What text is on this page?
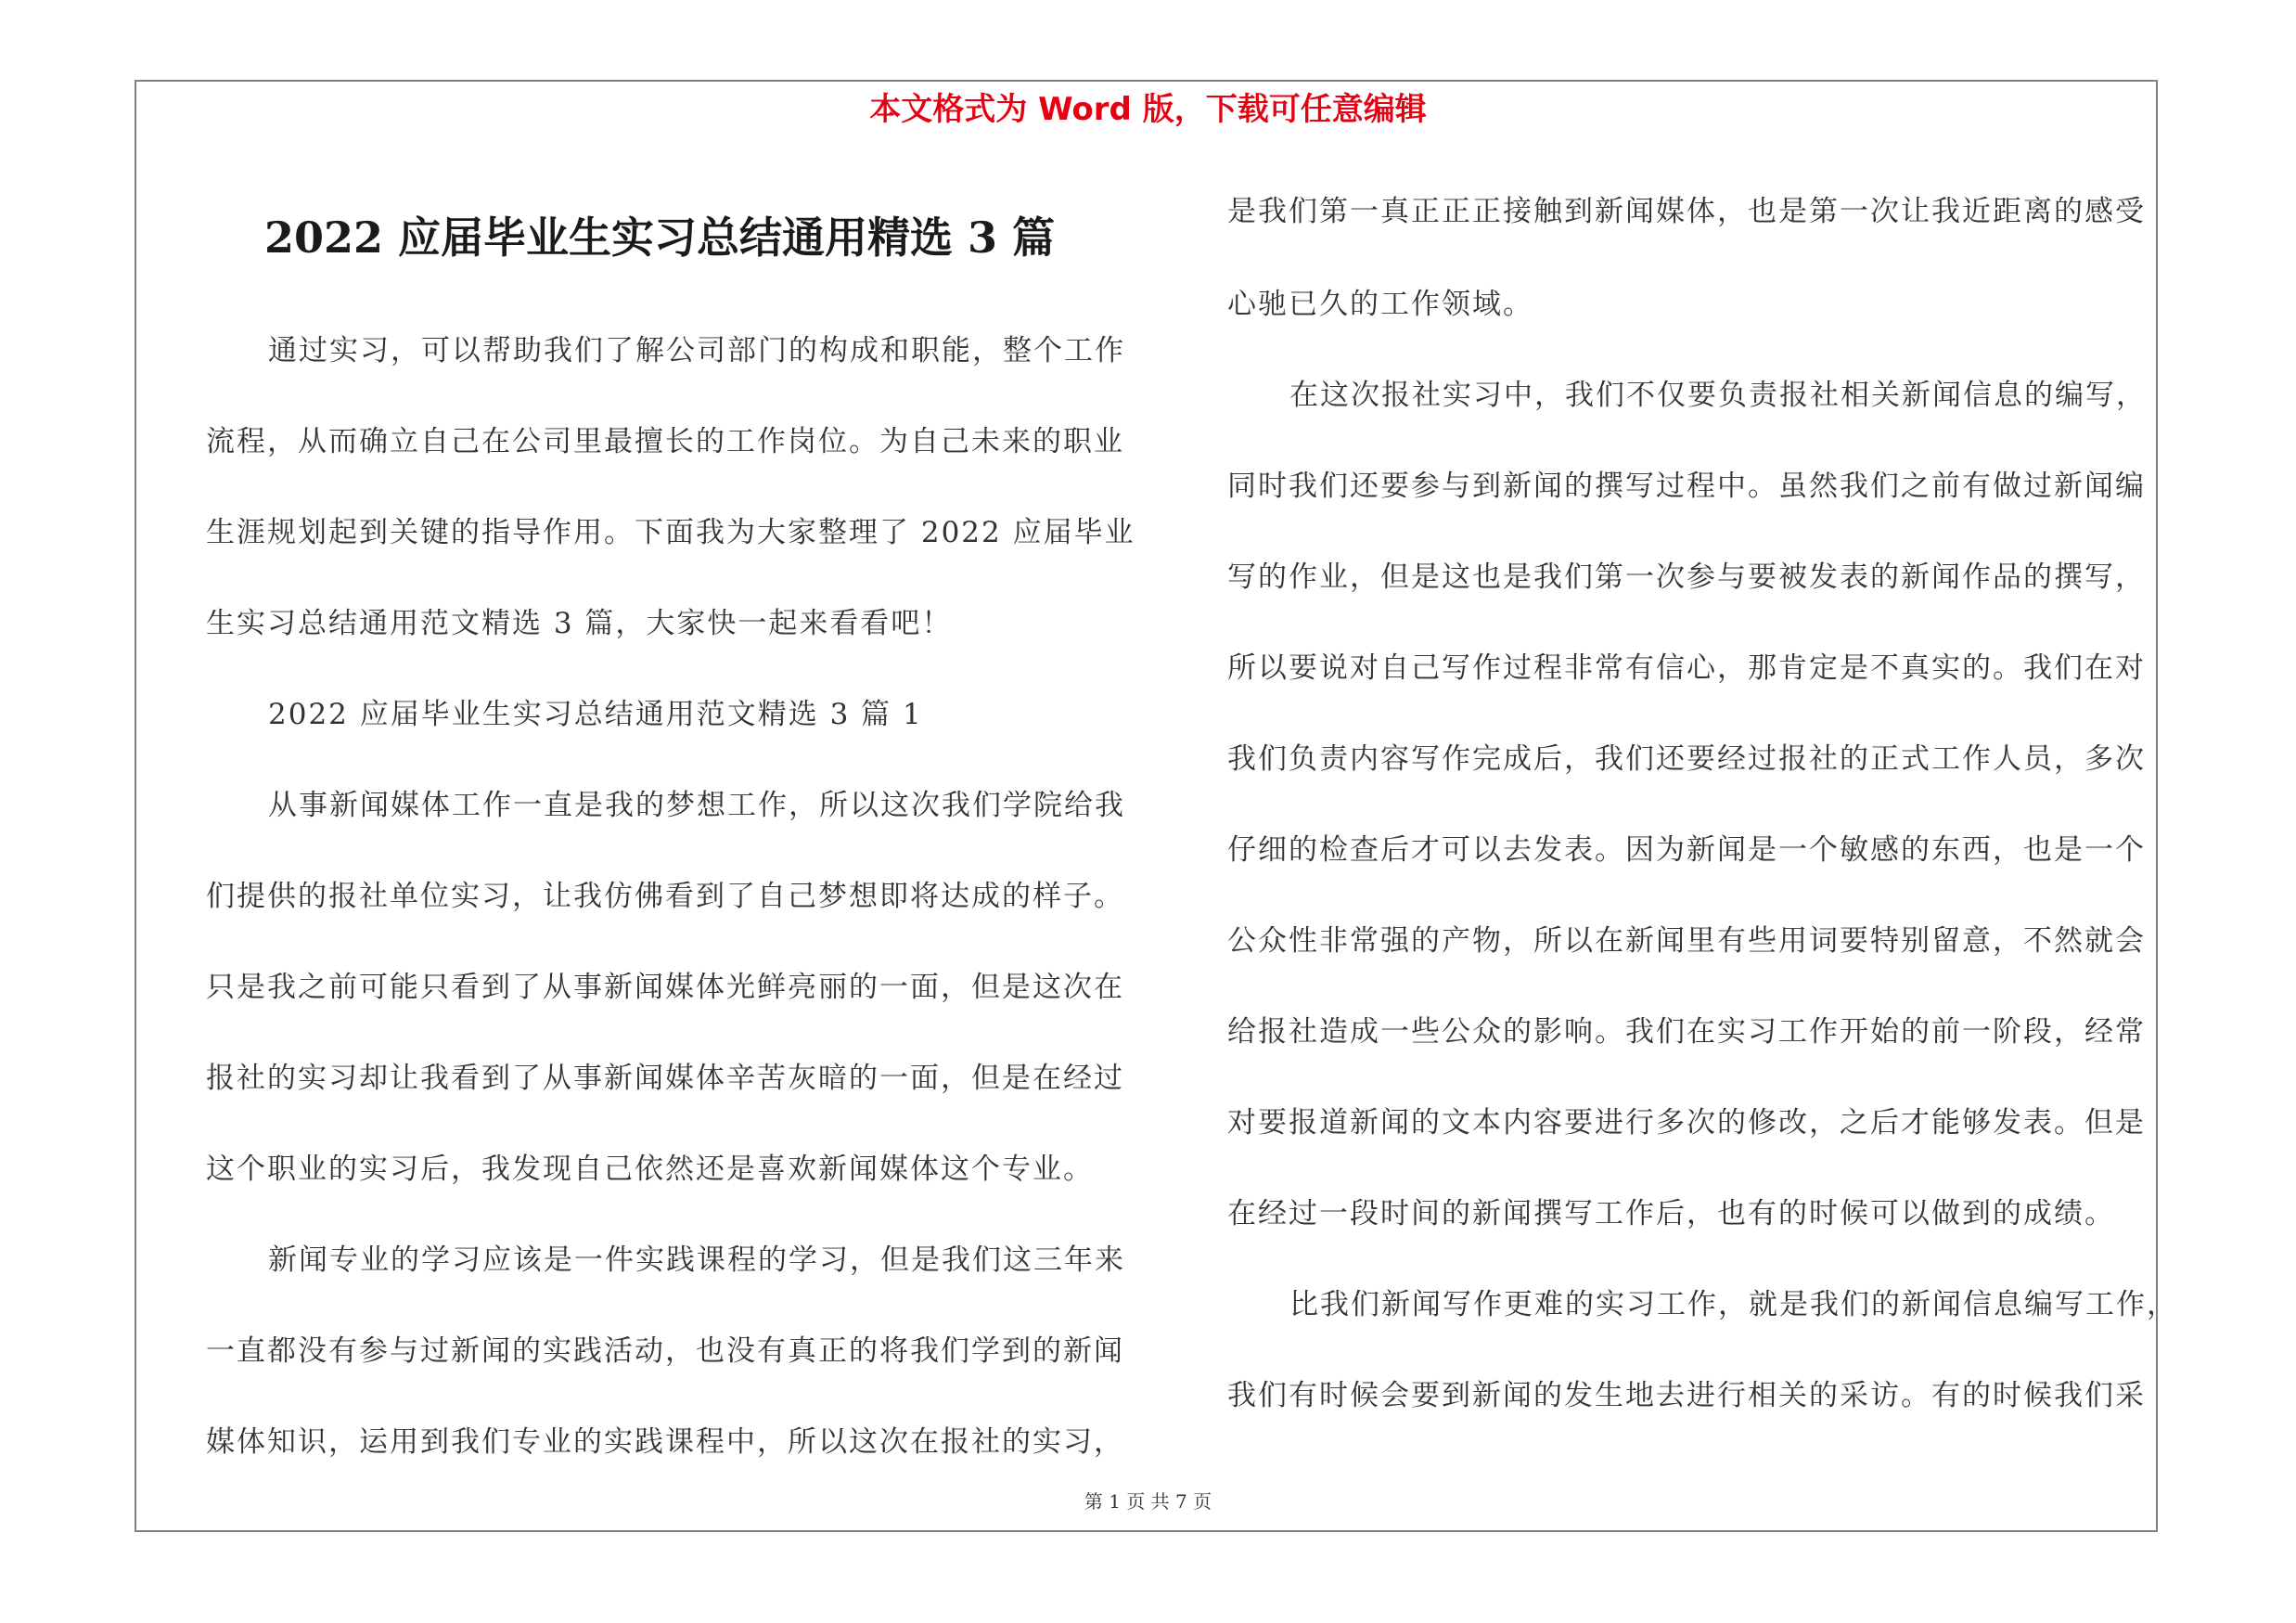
本文格式为 Word 版，下载可任意编辑
2022 应届毕业生实习总结通用精选 3 篇
通过实习，可以帮助我们了解公司部门的构成和职能，整个工作
流程，从而确立自己在公司里最擅长的工作岗位。为自己未来的职业
生涯规划起到关键的指导作用。下面我为大家整理了 2022 应届毕业
生实习总结通用范文精选 3 篇，大家快一起来看看吧！
2022 应届毕业生实习总结通用范文精选 3 篇 1
从事新闻媒体工作一直是我的梦想工作，所以这次我们学院给我
们提供的报社单位实习，让我仿佛看到了自己梦想即将达成的样子。
只是我之前可能只看到了从事新闻媒体光鲜亮丽的一面，但是这次在
报社的实习却让我看到了从事新闻媒体辛苦灰暗的一面，但是在经过
这个职业的实习后，我发现自己依然还是喜欢新闻媒体这个专业。
新闻专业的学习应该是一件实践课程的学习，但是我们这三年来
一直都没有参与过新闻的实践活动，也没有真正的将我们学到的新闻
媒体知识，运用到我们专业的实践课程中，所以这次在报社的实习，
是我们第一真正正正接触到新闻媒体，也是第一次让我近距离的感受
心驰已久的工作领域。
在这次报社实习中，我们不仅要负责报社相关新闻信息的编写，
同时我们还要参与到新闻的撰写过程中。虽然我们之前有做过新闻编
写的作业，但是这也是我们第一次参与要被发表的新闻作品的撰写，
所以要说对自己写作过程非常有信心，那肯定是不真实的。我们在对
我们负责内容写作完成后，我们还要经过报社的正式工作人员，多次
仔细的检查后才可以去发表。因为新闻是一个敏感的东西，也是一个
公众性非常强的产物，所以在新闻里有些用词要特别留意，不然就会
给报社造成一些公众的影响。我们在实习工作开始的前一阶段，经常
对要报道新闻的文本内容要进行多次的修改，之后才能够发表。但是
在经过一段时间的新闻撰写工作后，也有的时候可以做到的成绩。
比我们新闻写作更难的实习工作，就是我们的新闻信息编写工作，
我们有时候会要到新闻的发生地去进行相关的采访。有的时候我们采
第 1 页 共 7 页
